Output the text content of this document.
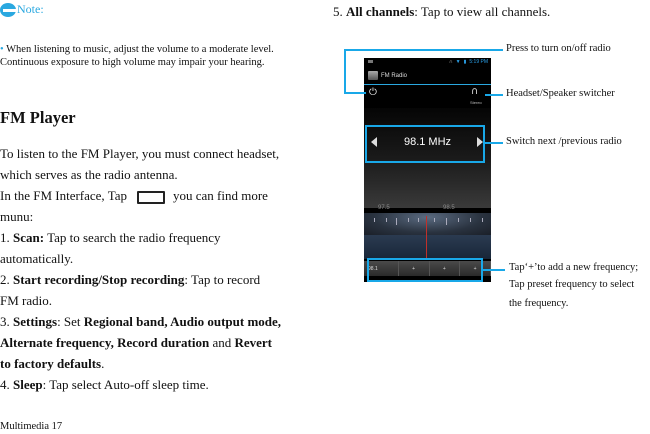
Note:
• When listening to music, adjust the volume to a moderate level. Continuous exposure to high volume may impair your hearing.
FM Player
To listen to the FM Player, you must connect headset,
which serves as the radio antenna.
In the FM Interface, Tap	you can find more
munu:
1. Scan: Tap to search the radio frequency
automatically.
2. Start recording/Stop recording: Tap to record
FM radio.
3. Settings: Set Regional band, Audio output mode,
Alternate frequency, Record duration and Revert
to factory defaults.
4. Sleep: Tap select Auto-off sleep time.
Multimedia 17
5. All channels: Tap to view all channels.
∩ ▼ ▮ 5:19 PM
FM Radio
⏻	∩
Stereo
98.1 MHz
97.5	98.5
98.1	+	+	+
Press to turn on/off radio
Headset/Speaker switcher
Switch next /previous radio
Tap‘+’to add a new frequency;
Tap preset frequency to select
the frequency.
